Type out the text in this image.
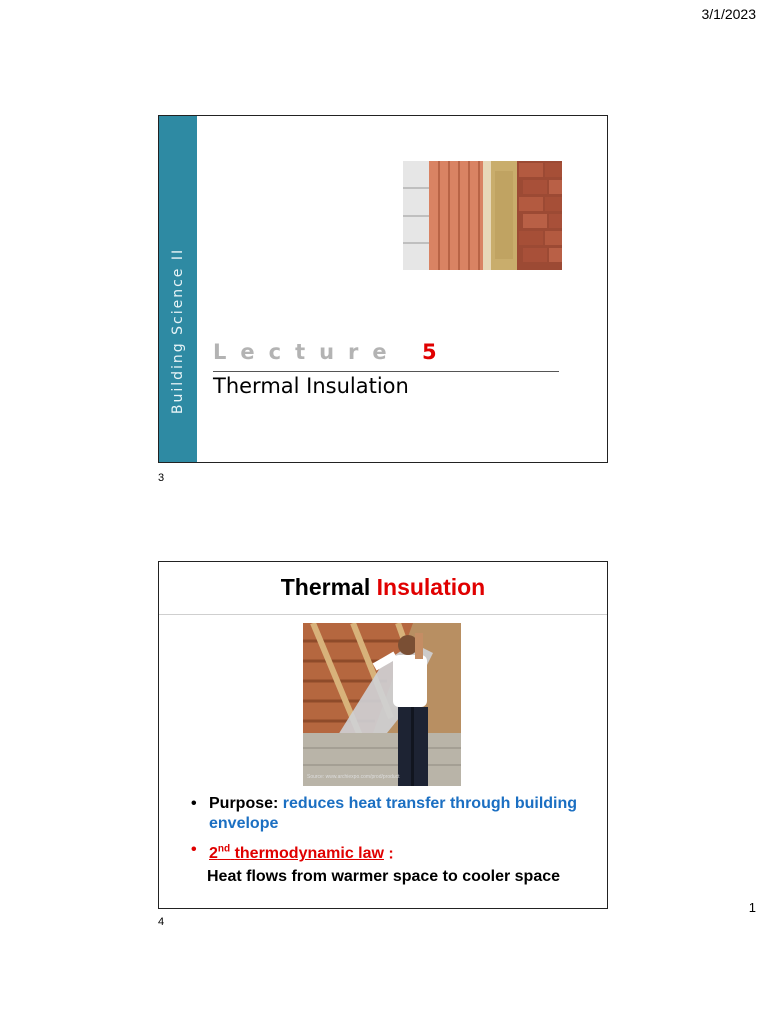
3/1/2023
Building Science II Lecture 5
Thermal Insulation
3
Thermal Insulation
Source: www.archiexpo.com/prod/product
• Purpose: reduces heat transfer through building envelope
• 2nd thermodynamic law :
Heat flows from warmer space to cooler space
4
1
